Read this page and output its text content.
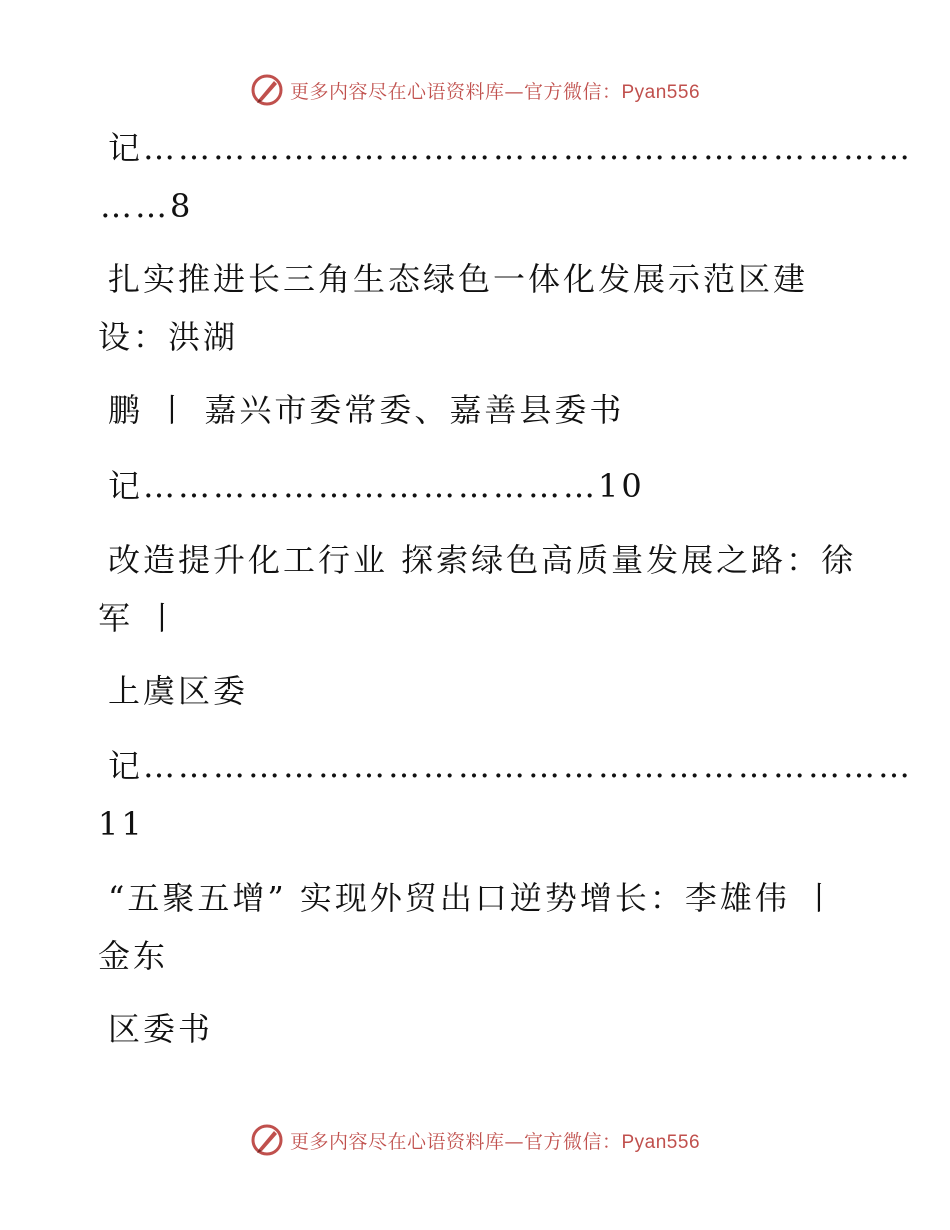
更多内容尽在心语资料库—官方微信：Pyan556
记…………………………………………………………
……8
扎实推进长三角生态绿色一体化发展示范区建
设：洪湖
鹏 丨 嘉兴市委常委、嘉善县委书
记…………………………………10
改造提升化工行业 探索绿色高质量发展之路：徐
军 丨
上虞区委
记…………………………………………………………
11
“五聚五增” 实现外贸出口逆势增长：李雄伟 丨
金东
区委书
更多内容尽在心语资料库—官方微信：Pyan556
